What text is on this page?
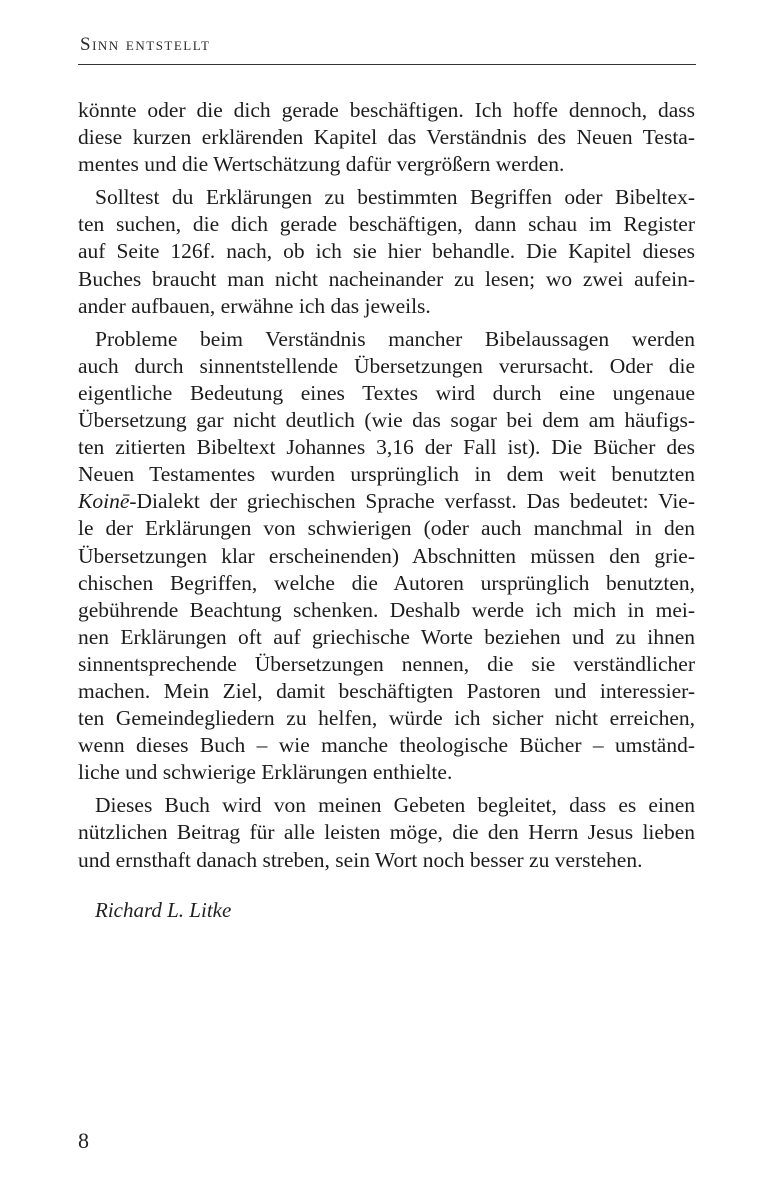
Sinn entstellt
könnte oder die dich gerade beschäftigen. Ich hoffe dennoch, dass
diese kurzen erklärenden Kapitel das Verständnis des Neuen Testa-
mentes und die Wertschätzung dafür vergrößern werden.
Solltest du Erklärungen zu bestimmten Begriffen oder Bibeltex-
ten suchen, die dich gerade beschäftigen, dann schau im Register
auf Seite 126f. nach, ob ich sie hier behandle. Die Kapitel dieses
Buches braucht man nicht nacheinander zu lesen; wo zwei aufein-
ander aufbauen, erwähne ich das jeweils.
Probleme beim Verständnis mancher Bibelaussagen werden
auch durch sinnentstellende Übersetzungen verursacht. Oder die
eigentliche Bedeutung eines Textes wird durch eine ungenaue
Übersetzung gar nicht deutlich (wie das sogar bei dem am häufigs-
ten zitierten Bibeltext Johannes 3,16 der Fall ist). Die Bücher des
Neuen Testamentes wurden ursprünglich in dem weit benutzten
Koinē-Dialekt der griechischen Sprache verfasst. Das bedeutet: Vie-
le der Erklärungen von schwierigen (oder auch manchmal in den
Übersetzungen klar erscheinenden) Abschnitten müssen den grie-
chischen Begriffen, welche die Autoren ursprünglich benutzten,
gebührende Beachtung schenken. Deshalb werde ich mich in mei-
nen Erklärungen oft auf griechische Worte beziehen und zu ihnen
sinnentsprechende Übersetzungen nennen, die sie verständlicher
machen. Mein Ziel, damit beschäftigten Pastoren und interessier-
ten Gemeindegliedern zu helfen, würde ich sicher nicht erreichen,
wenn dieses Buch – wie manche theologische Bücher – umständ-
liche und schwierige Erklärungen enthielte.
Dieses Buch wird von meinen Gebeten begleitet, dass es einen
nützlichen Beitrag für alle leisten möge, die den Herrn Jesus lieben
und ernsthaft danach streben, sein Wort noch besser zu verstehen.
Richard L. Litke
8
